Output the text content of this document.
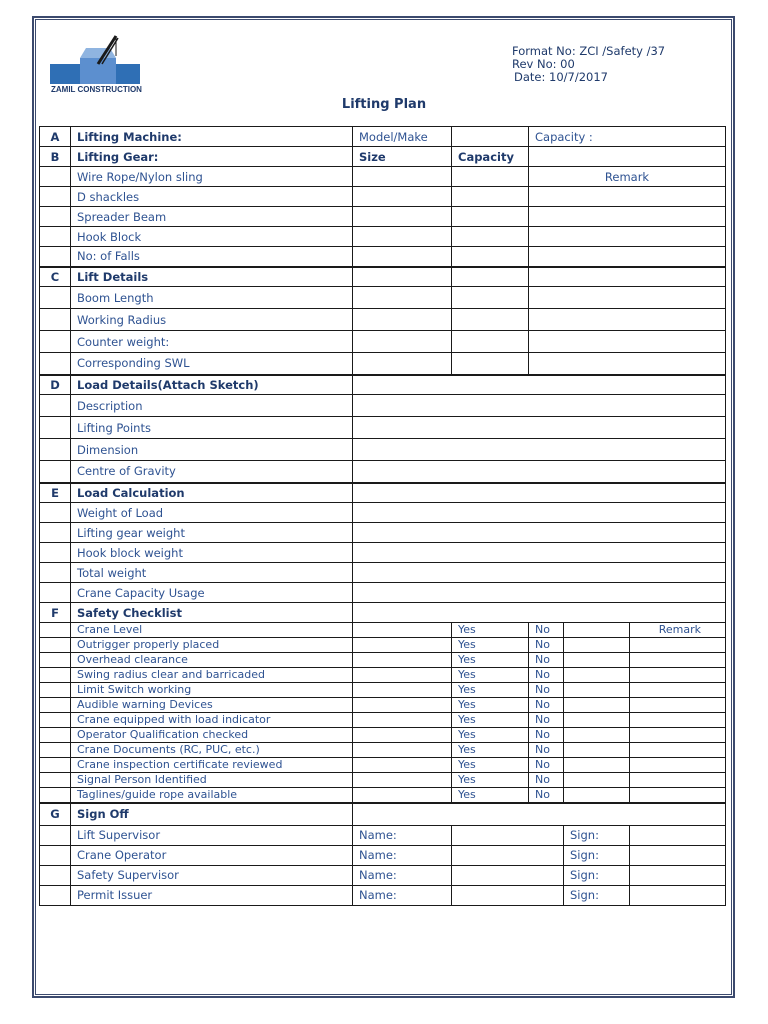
ZAMIL CONSTRUCTION
Format No: ZCI /Safety /37
Rev No: 00
Date: 10/7/2017
Lifting Plan
A	Lifting Machine:	Model/Make		Capacity :		
B	Lifting Gear:	Size	Capacity			
	Wire Rope/Nylon sling			Remark		
	D shackles					
	Spreader Beam					
	Hook Block					
	No: of Falls					
C	Lift Details					
	Boom Length					
	Working Radius					
	Counter weight:					
	Corresponding SWL					
D	Load Details(Attach Sketch)					
	Description					
	Lifting Points					
	Dimension					
	Centre of Gravity					
E	Load Calculation					
	Weight of Load					
	Lifting gear weight					
	Hook block weight					
	Total weight					
	Crane Capacity Usage					
F	Safety Checklist					
	Crane Level		Yes	No		Remark
	Outrigger properly placed		Yes	No		
	Overhead clearance		Yes	No		
	Swing radius clear and barricaded		Yes	No		
	Limit Switch working		Yes	No		
	Audible warning Devices		Yes	No		
	Crane equipped with load indicator		Yes	No		
	Operator Qualification checked		Yes	No		
	Crane Documents (RC, PUC, etc.)		Yes	No		
	Crane inspection certificate reviewed		Yes	No		
	Signal Person Identified		Yes	No		
	Taglines/guide rope available		Yes	No		
G	Sign Off					
	Lift Supervisor	Name:			Sign:	
	Crane Operator	Name:			Sign:	
	Safety Supervisor	Name:			Sign:	
	Permit Issuer	Name:			Sign:	
